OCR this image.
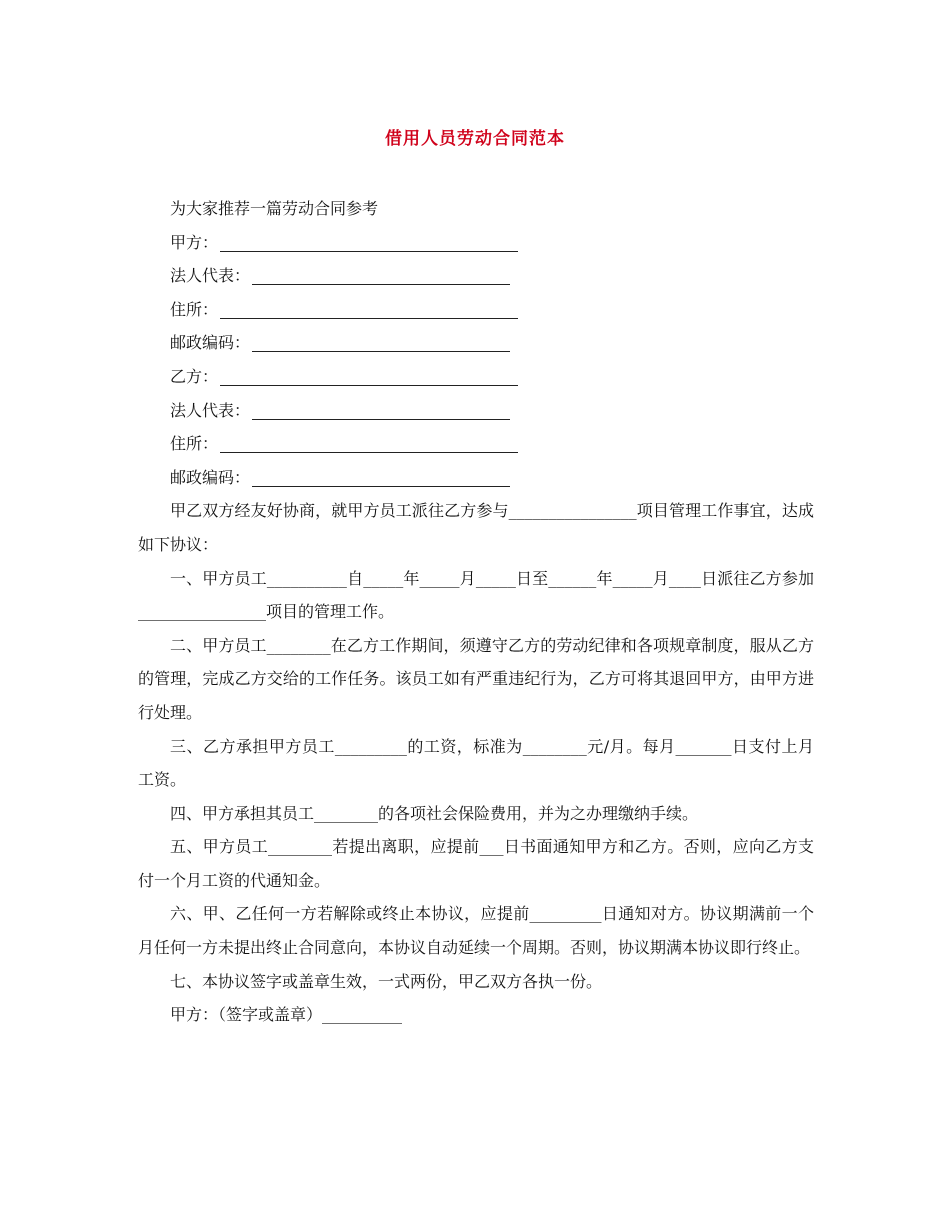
借用人员劳动合同范本

为大家推荐一篇劳动合同参考

甲方：

法人代表：

住所：

邮政编码：

乙方：

法人代表：

住所：

邮政编码：

甲乙双方经友好协商，就甲方员工派往乙方参与________________项目管理工作事宜，达成如下协议：

一、甲方员工__________自_____年_____月_____日至______年_____月____日派往乙方参加________________项目的管理工作。

二、甲方员工________在乙方工作期间，须遵守乙方的劳动纪律和各项规章制度，服从乙方的管理，完成乙方交给的工作任务。该员工如有严重违纪行为，乙方可将其退回甲方，由甲方进行处理。

三、乙方承担甲方员工_________的工资，标准为________元/月。每月_______日支付上月工资。

四、甲方承担其员工________的各项社会保险费用，并为之办理缴纳手续。

五、甲方员工________若提出离职，应提前___日书面通知甲方和乙方。否则，应向乙方支付一个月工资的代通知金。

六、甲、乙任何一方若解除或终止本协议，应提前_________日通知对方。协议期满前一个月任何一方未提出终止合同意向，本协议自动延续一个周期。否则，协议期满本协议即行终止。

七、本协议签字或盖章生效，一式两份，甲乙双方各执一份。

甲方：（签字或盖章）__________
